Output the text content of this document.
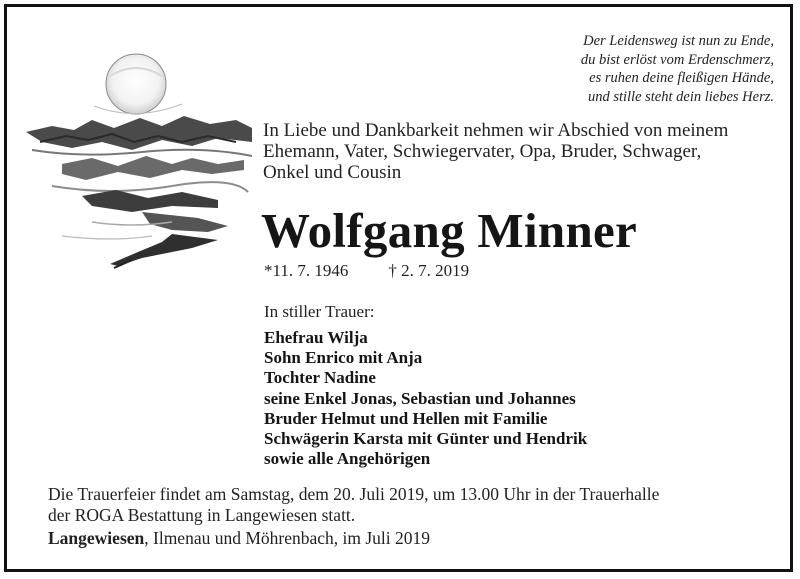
Der Leidensweg ist nun zu Ende,
du bist erlöst vom Erdenschmerz,
es ruhen deine fleißigen Hände,
und stille steht dein liebes Herz.
In Liebe und Dankbarkeit nehmen wir Abschied von meinem
Ehemann, Vater, Schwiegervater, Opa, Bruder, Schwager,
Onkel und Cousin
Wolfgang Minner
*11. 7. 1946 † 2. 7. 2019
In stiller Trauer:
Ehefrau Wilja
Sohn Enrico mit Anja
Tochter Nadine
seine Enkel Jonas, Sebastian und Johannes
Bruder Helmut und Hellen mit Familie
Schwägerin Karsta mit Günter und Hendrik
sowie alle Angehörigen
Die Trauerfeier findet am Samstag, dem 20. Juli 2019, um 13.00 Uhr in der Trauerhalle
der ROGA Bestattung in Langewiesen statt.
Langewiesen, Ilmenau und Möhrenbach, im Juli 2019
